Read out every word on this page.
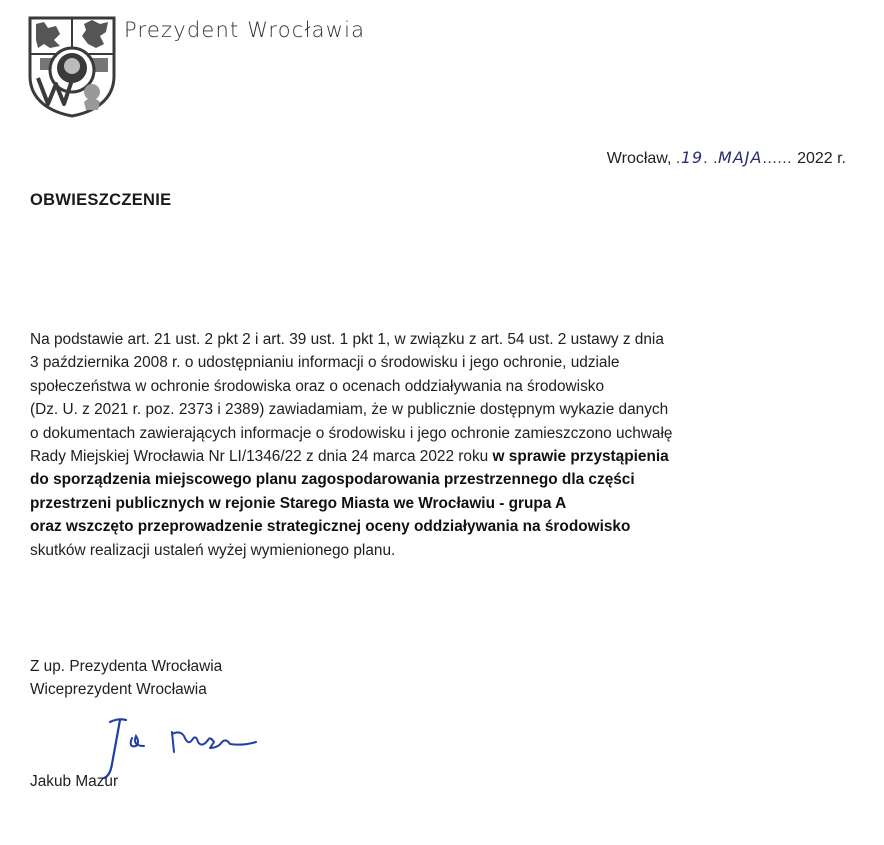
Prezydent Wrocławia
Wrocław, .19. .MAJA...... 2022 r.
OBWIESZCZENIE
Na podstawie art. 21 ust. 2 pkt 2 i art. 39 ust. 1 pkt 1, w związku z art. 54 ust. 2 ustawy z dnia
3 października 2008 r. o udostępnianiu informacji o środowisku i jego ochronie, udziale
społeczeństwa w ochronie środowiska oraz o ocenach oddziaływania na środowisko
(Dz. U. z 2021 r. poz. 2373 i 2389) zawiadamiam, że w publicznie dostępnym wykazie danych
o dokumentach zawierających informacje o środowisku i jego ochronie zamieszczono uchwałę
Rady Miejskiej Wrocławia Nr LI/1346/22 z dnia 24 marca 2022 roku w sprawie przystąpienia
do sporządzenia miejscowego planu zagospodarowania przestrzennego dla części
przestrzeni publicznych w rejonie Starego Miasta we Wrocławiu - grupa A
oraz wszczęto przeprowadzenie strategicznej oceny oddziaływania na środowisko
skutków realizacji ustaleń wyżej wymienionego planu.
Z up. Prezydenta Wrocławia
Wiceprezydent Wrocławia
Jakub Mazur
